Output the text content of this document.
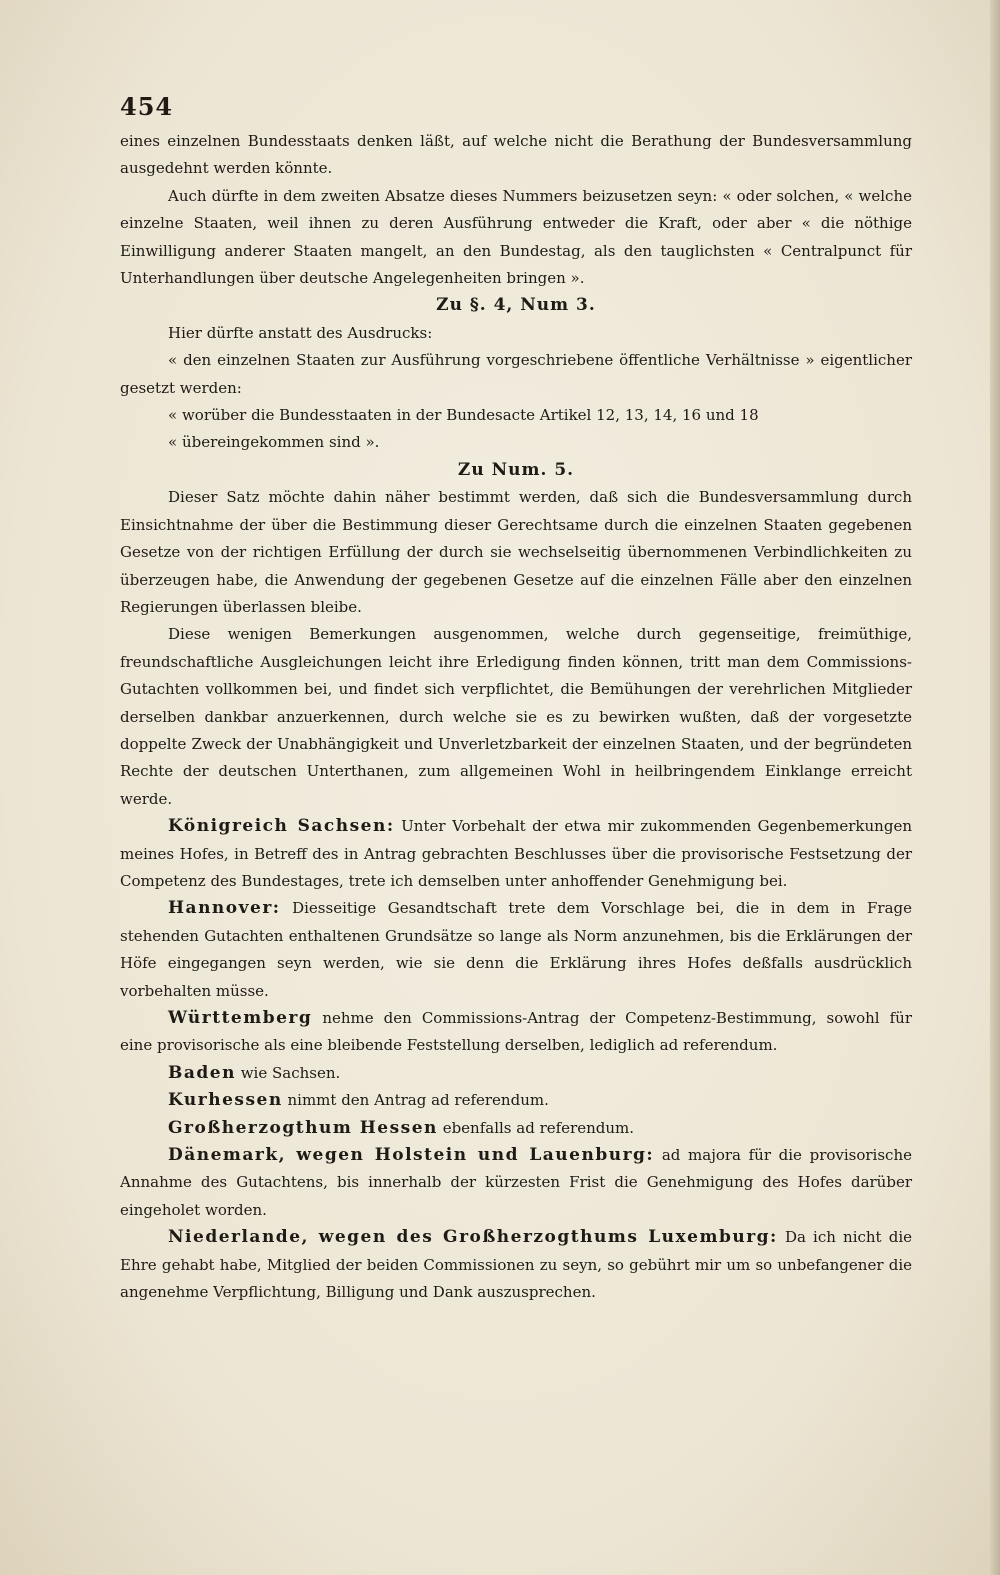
454

eines einzelnen Bundesstaats denken läßt, auf welche nicht die Berathung der Bundesversammlung ausgedehnt werden könnte.

Auch dürfte in dem zweiten Absatze dieses Nummers beizusetzen seyn: « oder solchen, « welche einzelne Staaten, weil ihnen zu deren Ausführung entweder die Kraft, oder aber « die nöthige Einwilligung anderer Staaten mangelt, an den Bundestag, als den tauglichsten « Centralpunct für Unterhandlungen über deutsche Angelegenheiten bringen ».

Zu §. 4, Num 3.

Hier dürfte anstatt des Ausdrucks:

« den einzelnen Staaten zur Ausführung vorgeschriebene öffentliche Verhältnisse » eigentlicher gesetzt werden:

« worüber die Bundesstaaten in der Bundesacte Artikel 12, 13, 14, 16 und 18

« übereingekommen sind ».

Zu Num. 5.

Dieser Satz möchte dahin näher bestimmt werden, daß sich die Bundesversammlung durch Einsichtnahme der über die Bestimmung dieser Gerechtsame durch die einzelnen Staaten gegebenen Gesetze von der richtigen Erfüllung der durch sie wechselseitig übernommenen Verbindlichkeiten zu überzeugen habe, die Anwendung der gegebenen Gesetze auf die einzelnen Fälle aber den einzelnen Regierungen überlassen bleibe.

Diese wenigen Bemerkungen ausgenommen, welche durch gegenseitige, freimüthige, freundschaftliche Ausgleichungen leicht ihre Erledigung finden können, tritt man dem Commissions-Gutachten vollkommen bei, und findet sich verpflichtet, die Bemühungen der verehrlichen Mitglieder derselben dankbar anzuerkennen, durch welche sie es zu bewirken wußten, daß der vorgesetzte doppelte Zweck der Unabhängigkeit und Unverletzbarkeit der einzelnen Staaten, und der begründeten Rechte der deutschen Unterthanen, zum allgemeinen Wohl in heilbringendem Einklange erreicht werde.

Königreich Sachsen: Unter Vorbehalt der etwa mir zukommenden Gegenbemerkungen meines Hofes, in Betreff des in Antrag gebrachten Beschlusses über die provisorische Festsetzung der Competenz des Bundestages, trete ich demselben unter anhoffender Genehmigung bei.

Hannover: Diesseitige Gesandtschaft trete dem Vorschlage bei, die in dem in Frage stehenden Gutachten enthaltenen Grundsätze so lange als Norm anzunehmen, bis die Erklärungen der Höfe eingegangen seyn werden, wie sie denn die Erklärung ihres Hofes deßfalls ausdrücklich vorbehalten müsse.

Württemberg nehme den Commissions-Antrag der Competenz-Bestimmung, sowohl für eine provisorische als eine bleibende Feststellung derselben, lediglich ad referendum.

Baden wie Sachsen.

Kurhessen nimmt den Antrag ad referendum.

Großherzogthum Hessen ebenfalls ad referendum.

Dänemark, wegen Holstein und Lauenburg: ad majora für die provisorische Annahme des Gutachtens, bis innerhalb der kürzesten Frist die Genehmigung des Hofes darüber eingeholet worden.

Niederlande, wegen des Großherzogthums Luxemburg: Da ich nicht die Ehre gehabt habe, Mitglied der beiden Commissionen zu seyn, so gebührt mir um so unbefangener die angenehme Verpflichtung, Billigung und Dank auszusprechen.
